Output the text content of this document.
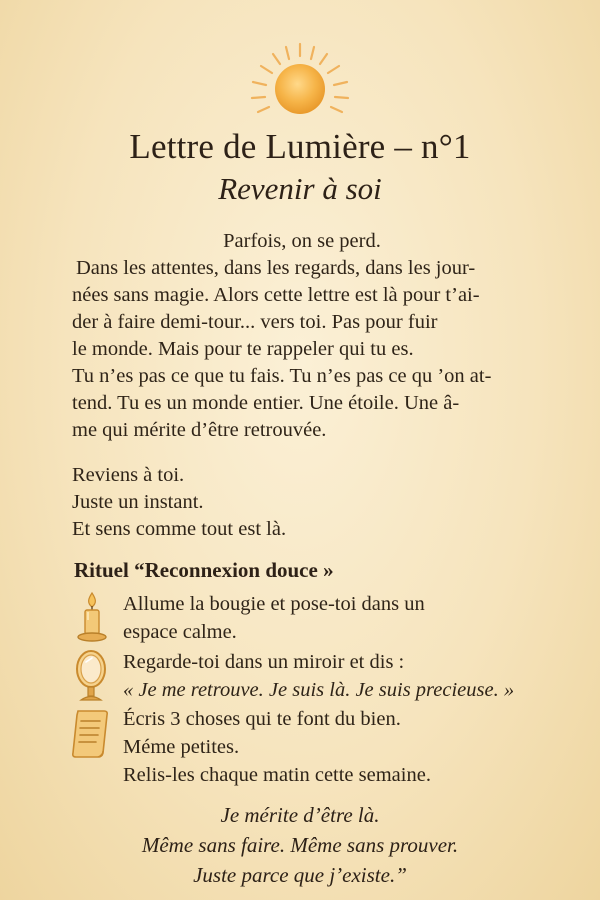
Lettre de Lumière – n°1
Revenir à soi
Parfois, on se perd.
Dans les attentes, dans les regards, dans les jour-
nées sans magie. Alors cette lettre est là pour t’ai-
der à faire demi-tour... vers toi. Pas pour fuir
le monde. Mais pour te rappeler qui tu es.
Tu n’es pas ce que tu fais. Tu n’es pas ce qu ’on at-
tend. Tu es un monde entier. Une étoile. Une â-
me qui mérite d’être retrouvée.
Reviens à toi.
Juste un instant.
Et sens comme tout est là.
Rituel “Reconnexion douce »
Allume la bougie et pose-toi dans un
espace calme.
Regarde-toi dans un miroir et dis :
« Je me retrouve. Je suis là. Je suis precieuse. »
Écris 3 choses qui te font du bien.
Méme petites.
Relis-les chaque matin cette semaine.
Je mérite d’être là.
Même sans faire. Même sans prouver.
Juste parce que j’existe.”
